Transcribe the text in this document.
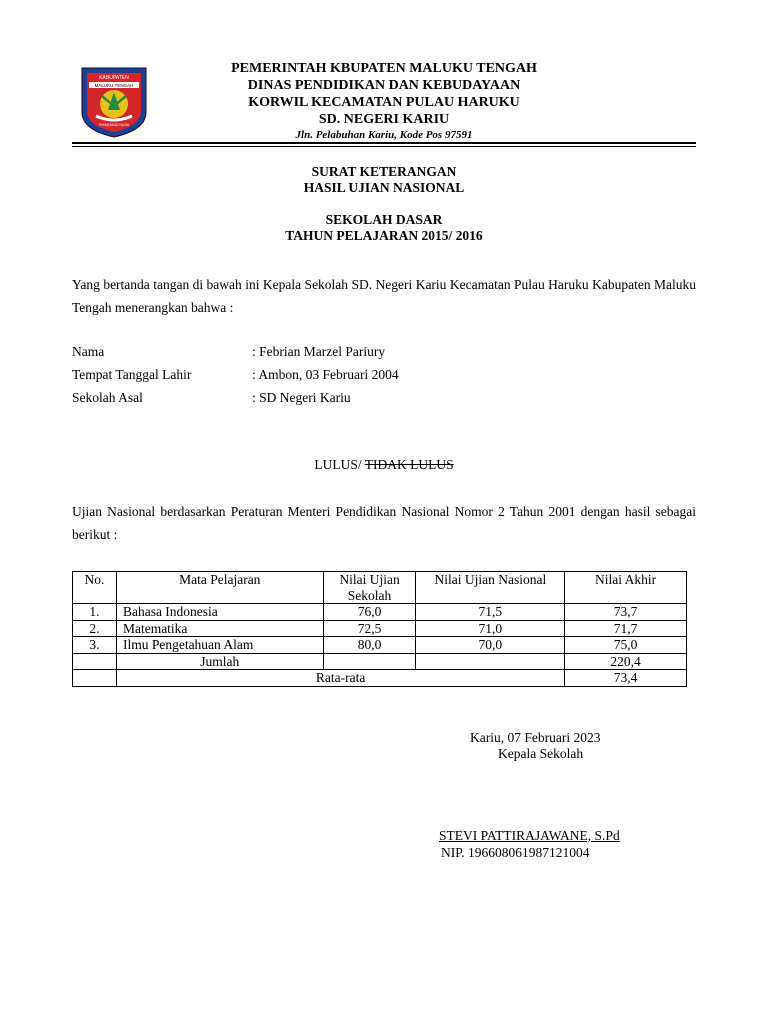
KABUPATEN
MALUKU TENGAH
PAMAHANU NUSA
PEMERINTAH KBUPATEN MALUKU TENGAH
DINAS PENDIDIKAN DAN KEBUDAYAAN
KORWIL KECAMATAN PULAU HARUKU
SD. NEGERI KARIU
Jln. Pelabuhan Kariu, Kode Pos 97591
SURAT KETERANGAN
HASIL UJIAN NASIONAL
SEKOLAH DASAR
TAHUN PELAJARAN 2015/ 2016
Yang bertanda tangan di bawah ini Kepala Sekolah SD. Negeri Kariu Kecamatan Pulau Haruku Kabupaten Maluku Tengah menerangkan bahwa :
Nama	: Febrian Marzel Pariury
Tempat Tanggal Lahir	: Ambon, 03 Februari 2004
Sekolah Asal	: SD Negeri Kariu
LULUS/ TIDAK LULUS
Ujian Nasional berdasarkan Peraturan Menteri Pendidikan Nasional Nomor 2 Tahun 2001 dengan hasil sebagai berikut :
No.	Mata Pelajaran	Nilai Ujian Sekolah	Nilai Ujian Nasional	Nilai Akhir
1.	Bahasa Indonesia	76,0	71,5	73,7
2.	Matematika	72,5	71,0	71,7
3.	Ilmu Pengetahuan Alam	80,0	70,0	75,0
	Jumlah			220,4
	Rata-rata			73,4
Kariu, 07 Februari 2023
Kepala Sekolah
STEVI PATTIRAJAWANE, S.Pd
NIP. 196608061987121004
